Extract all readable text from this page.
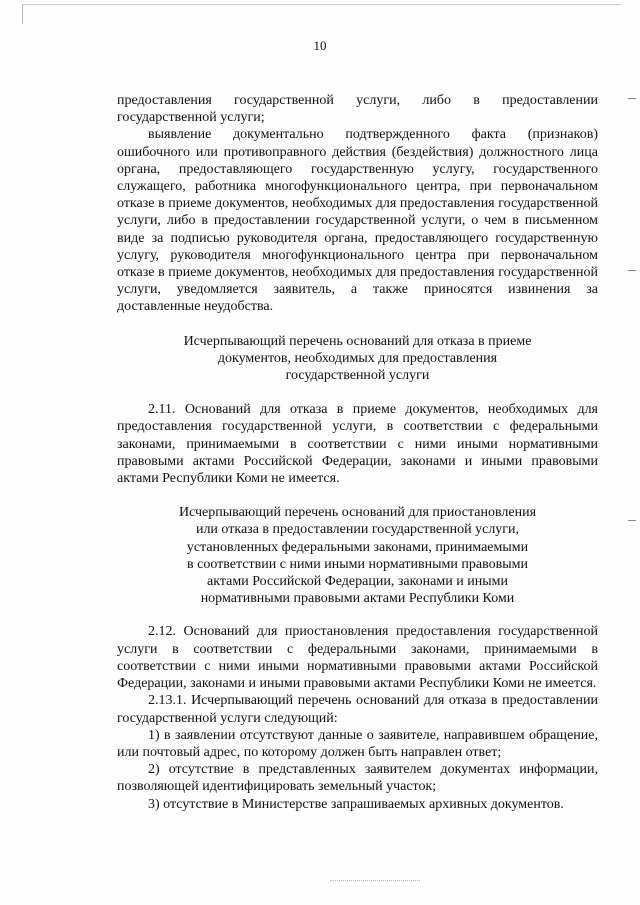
10

предоставления государственной услуги, либо в предоставлении государственной услуги;

выявление документально подтвержденного факта (признаков) ошибочного или противоправного действия (бездействия) должностного лица органа, предоставляющего государственную услугу, государственного служащего, работника многофункционального центра, при первоначальном отказе в приеме документов, необходимых для предоставления государственной услуги, либо в предоставлении государственной услуги, о чем в письменном виде за подписью руководителя органа, предоставляющего государственную услугу, руководителя многофункционального центра при первоначальном отказе в приеме документов, необходимых для предоставления государственной услуги, уведомляется заявитель, а также приносятся извинения за доставленные неудобства.

Исчерпывающий перечень оснований для отказа в приеме
документов, необходимых для предоставления
государственной услуги

2.11. Оснований для отказа в приеме документов, необходимых для предоставления государственной услуги, в соответствии с федеральными законами, принимаемыми в соответствии с ними иными нормативными правовыми актами Российской Федерации, законами и иными правовыми актами Республики Коми не имеется.

Исчерпывающий перечень оснований для приостановления
или отказа в предоставлении государственной услуги,
установленных федеральными законами, принимаемыми
в соответствии с ними иными нормативными правовыми
актами Российской Федерации, законами и иными
нормативными правовыми актами Республики Коми

2.12. Оснований для приостановления предоставления государственной услуги в соответствии с федеральными законами, принимаемыми в соответствии с ними иными нормативными правовыми актами Российской Федерации, законами и иными правовыми актами Республики Коми не имеется.

2.13.1. Исчерпывающий перечень оснований для отказа в предоставлении государственной услуги следующий:

1) в заявлении отсутствуют данные о заявителе, направившем обращение, или почтовый адрес, по которому должен быть направлен ответ;

2) отсутствие в представленных заявителем документах информации, позволяющей идентифицировать земельный участок;

3) отсутствие в Министерстве запрашиваемых архивных документов.
